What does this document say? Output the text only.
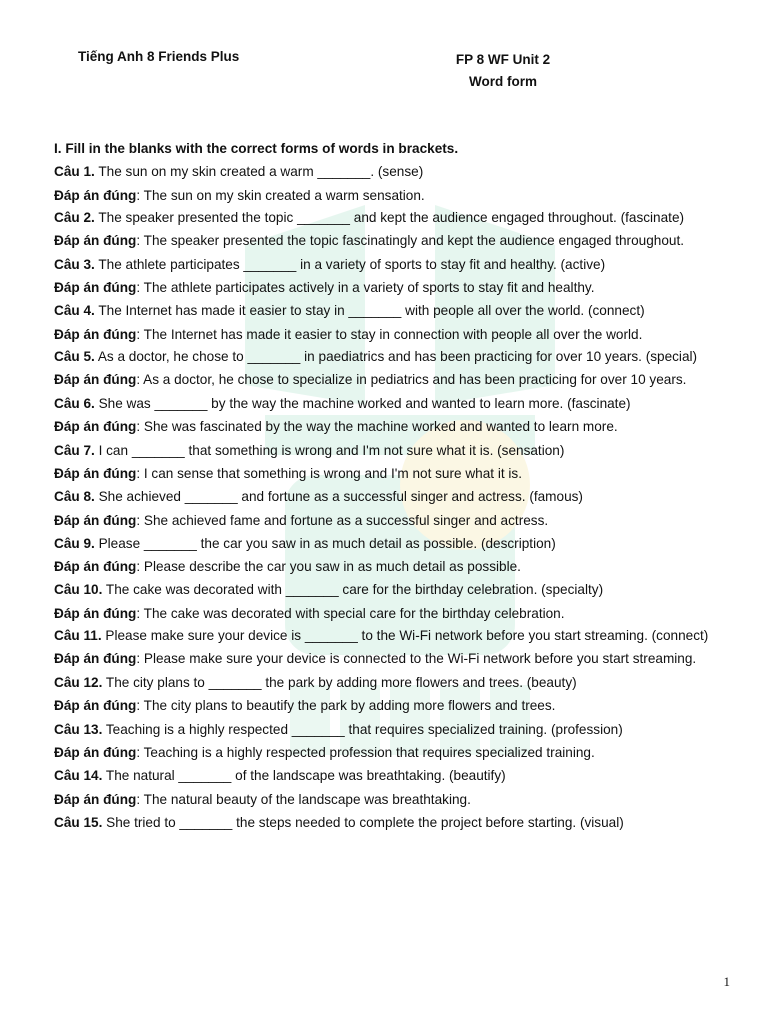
Tiếng Anh 8 Friends Plus	FP 8 WF Unit 2
Word form
I. Fill in the blanks with the correct forms of words in brackets.

Câu 1. The sun on my skin created a warm _______. (sense)

Đáp án đúng: The sun on my skin created a warm sensation.

Câu 2. The speaker presented the topic _______ and kept the audience engaged throughout. (fascinate)

Đáp án đúng: The speaker presented the topic fascinatingly and kept the audience engaged throughout.

Câu 3. The athlete participates _______ in a variety of sports to stay fit and healthy. (active)

Đáp án đúng: The athlete participates actively in a variety of sports to stay fit and healthy.

Câu 4. The Internet has made it easier to stay in _______ with people all over the world. (connect)

Đáp án đúng: The Internet has made it easier to stay in connection with people all over the world.

Câu 5. As a doctor, he chose to _______ in paediatrics and has been practicing for over 10 years. (special)

Đáp án đúng: As a doctor, he chose to specialize in pediatrics and has been practicing for over 10 years.

Câu 6. She was _______ by the way the machine worked and wanted to learn more. (fascinate)

Đáp án đúng: She was fascinated by the way the machine worked and wanted to learn more.

Câu 7. I can _______ that something is wrong and I'm not sure what it is. (sensation)

Đáp án đúng: I can sense that something is wrong and I'm not sure what it is.

Câu 8. She achieved _______ and fortune as a successful singer and actress. (famous)

Đáp án đúng: She achieved fame and fortune as a successful singer and actress.

Câu 9. Please _______ the car you saw in as much detail as possible. (description)

Đáp án đúng: Please describe the car you saw in as much detail as possible.

Câu 10. The cake was decorated with _______ care for the birthday celebration. (specialty)

Đáp án đúng: The cake was decorated with special care for the birthday celebration.

Câu 11. Please make sure your device is _______ to the Wi-Fi network before you start streaming. (connect)

Đáp án đúng: Please make sure your device is connected to the Wi-Fi network before you start streaming.

Câu 12. The city plans to _______ the park by adding more flowers and trees. (beauty)

Đáp án đúng: The city plans to beautify the park by adding more flowers and trees.

Câu 13. Teaching is a highly respected _______ that requires specialized training. (profession)

Đáp án đúng: Teaching is a highly respected profession that requires specialized training.

Câu 14. The natural _______ of the landscape was breathtaking. (beautify)

Đáp án đúng: The natural beauty of the landscape was breathtaking.

Câu 15. She tried to _______ the steps needed to complete the project before starting. (visual)

1
